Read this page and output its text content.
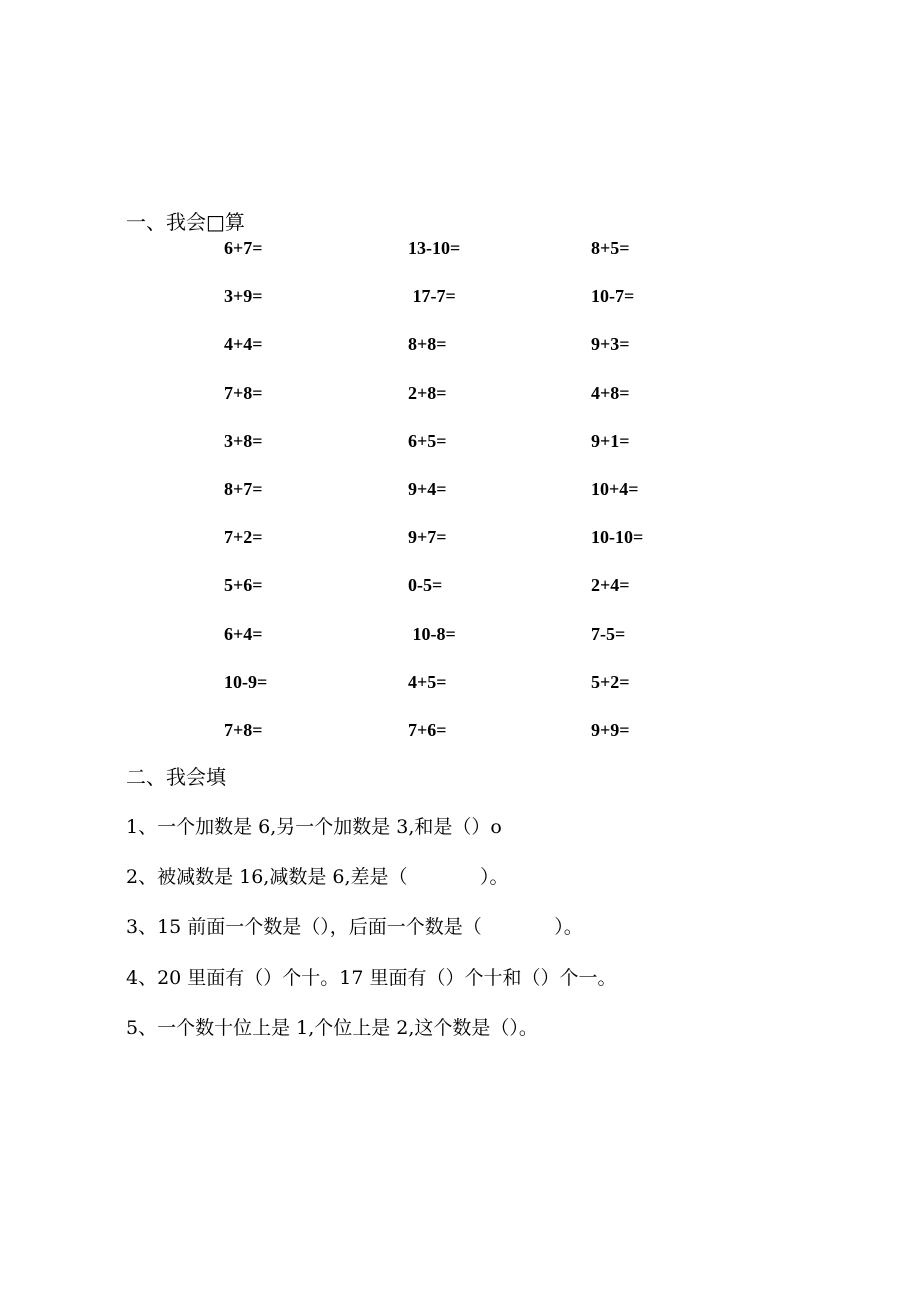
一、我会□算
6+7=	13-10=	8+5=
3+9=	17-7=	10-7=
4+4=	8+8=	9+3=
7+8=	2+8=	4+8=
3+8=	6+5=	9+1=
8+7=	9+4=	10+4=
7+2=	9+7=	10-10=
5+6=	0-5=	2+4=
6+4=	10-8=	7-5=
10-9=	4+5=	5+2=
7+8=	7+6=	9+9=
二、我会填
1、一个加数是 6,另一个加数是 3,和是（）o
2、被减数是 16,减数是 6,差是（            ）。
3、15 前面一个数是（），后面一个数是（            ）。
4、20 里面有（）个十。17 里面有（）个十和（）个一。
5、一个数十位上是 1,个位上是 2,这个数是（）。
